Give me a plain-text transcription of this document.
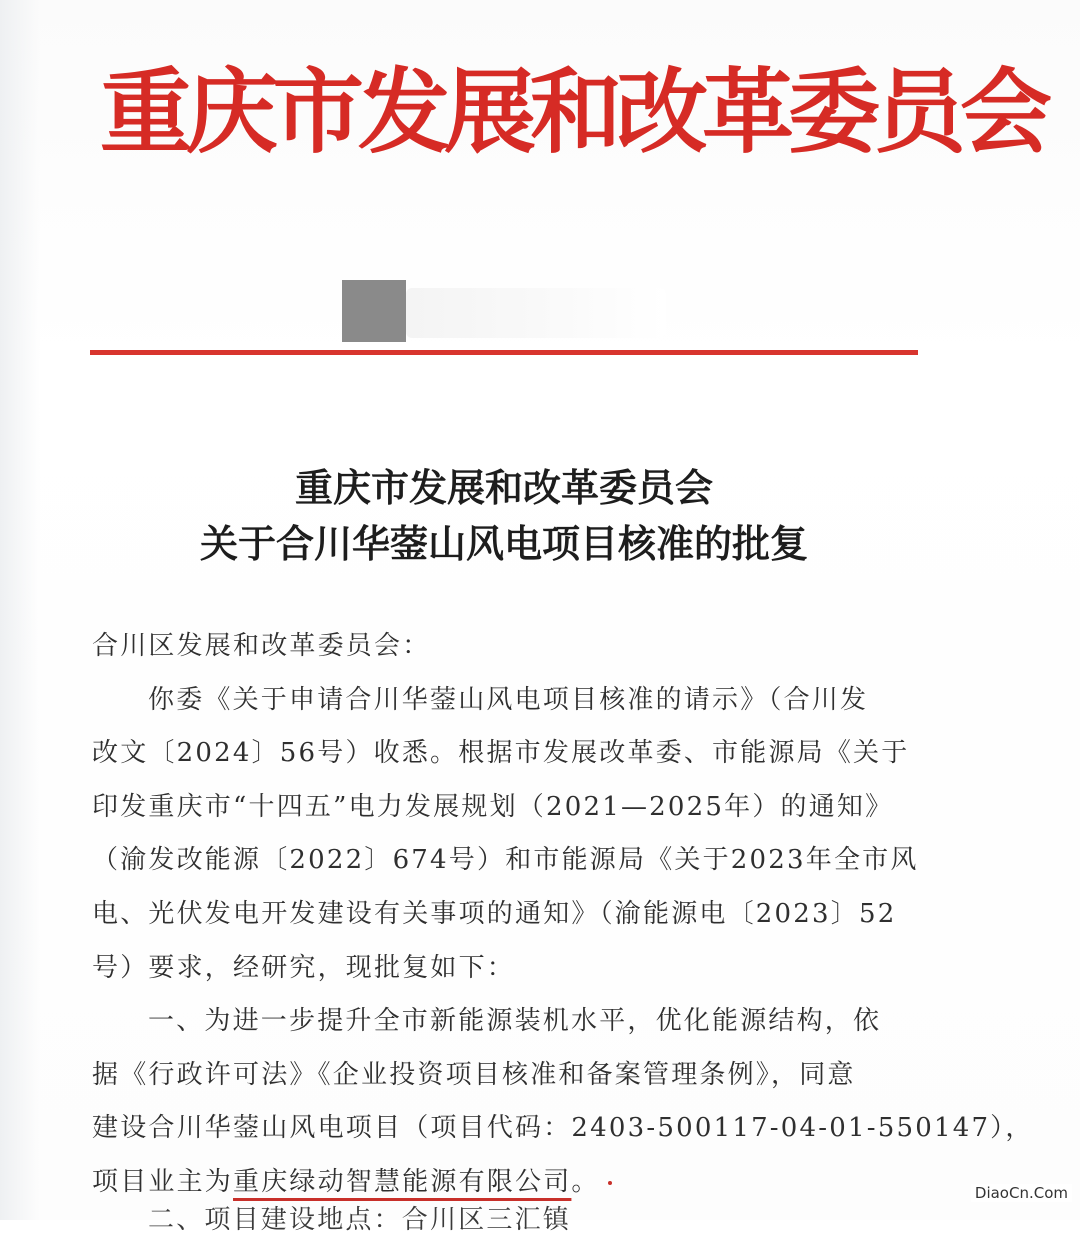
重庆市发展和改革委员会
重庆市发展和改革委员会
关于合川华蓥山风电项目核准的批复
合川区发展和改革委员会：
你委《关于申请合川华蓥山风电项目核准的请示》（合川发
改文〔2024〕56号）收悉。根据市发展改革委、市能源局《关于
印发重庆市“十四五”电力发展规划（2021—2025年）的通知》
（渝发改能源〔2022〕674号）和市能源局《关于2023年全市风
电、光伏发电开发建设有关事项的通知》（渝能源电〔2023〕52
号）要求，经研究，现批复如下：
一、为进一步提升全市新能源装机水平，优化能源结构，依
据《行政许可法》《企业投资项目核准和备案管理条例》，同意
建设合川华蓥山风电项目（项目代码：2403-500117-04-01-550147），
项目业主为重庆绿动智慧能源有限公司。
二、项目建设地点：合川区三汇镇
DiaoCn.Com
